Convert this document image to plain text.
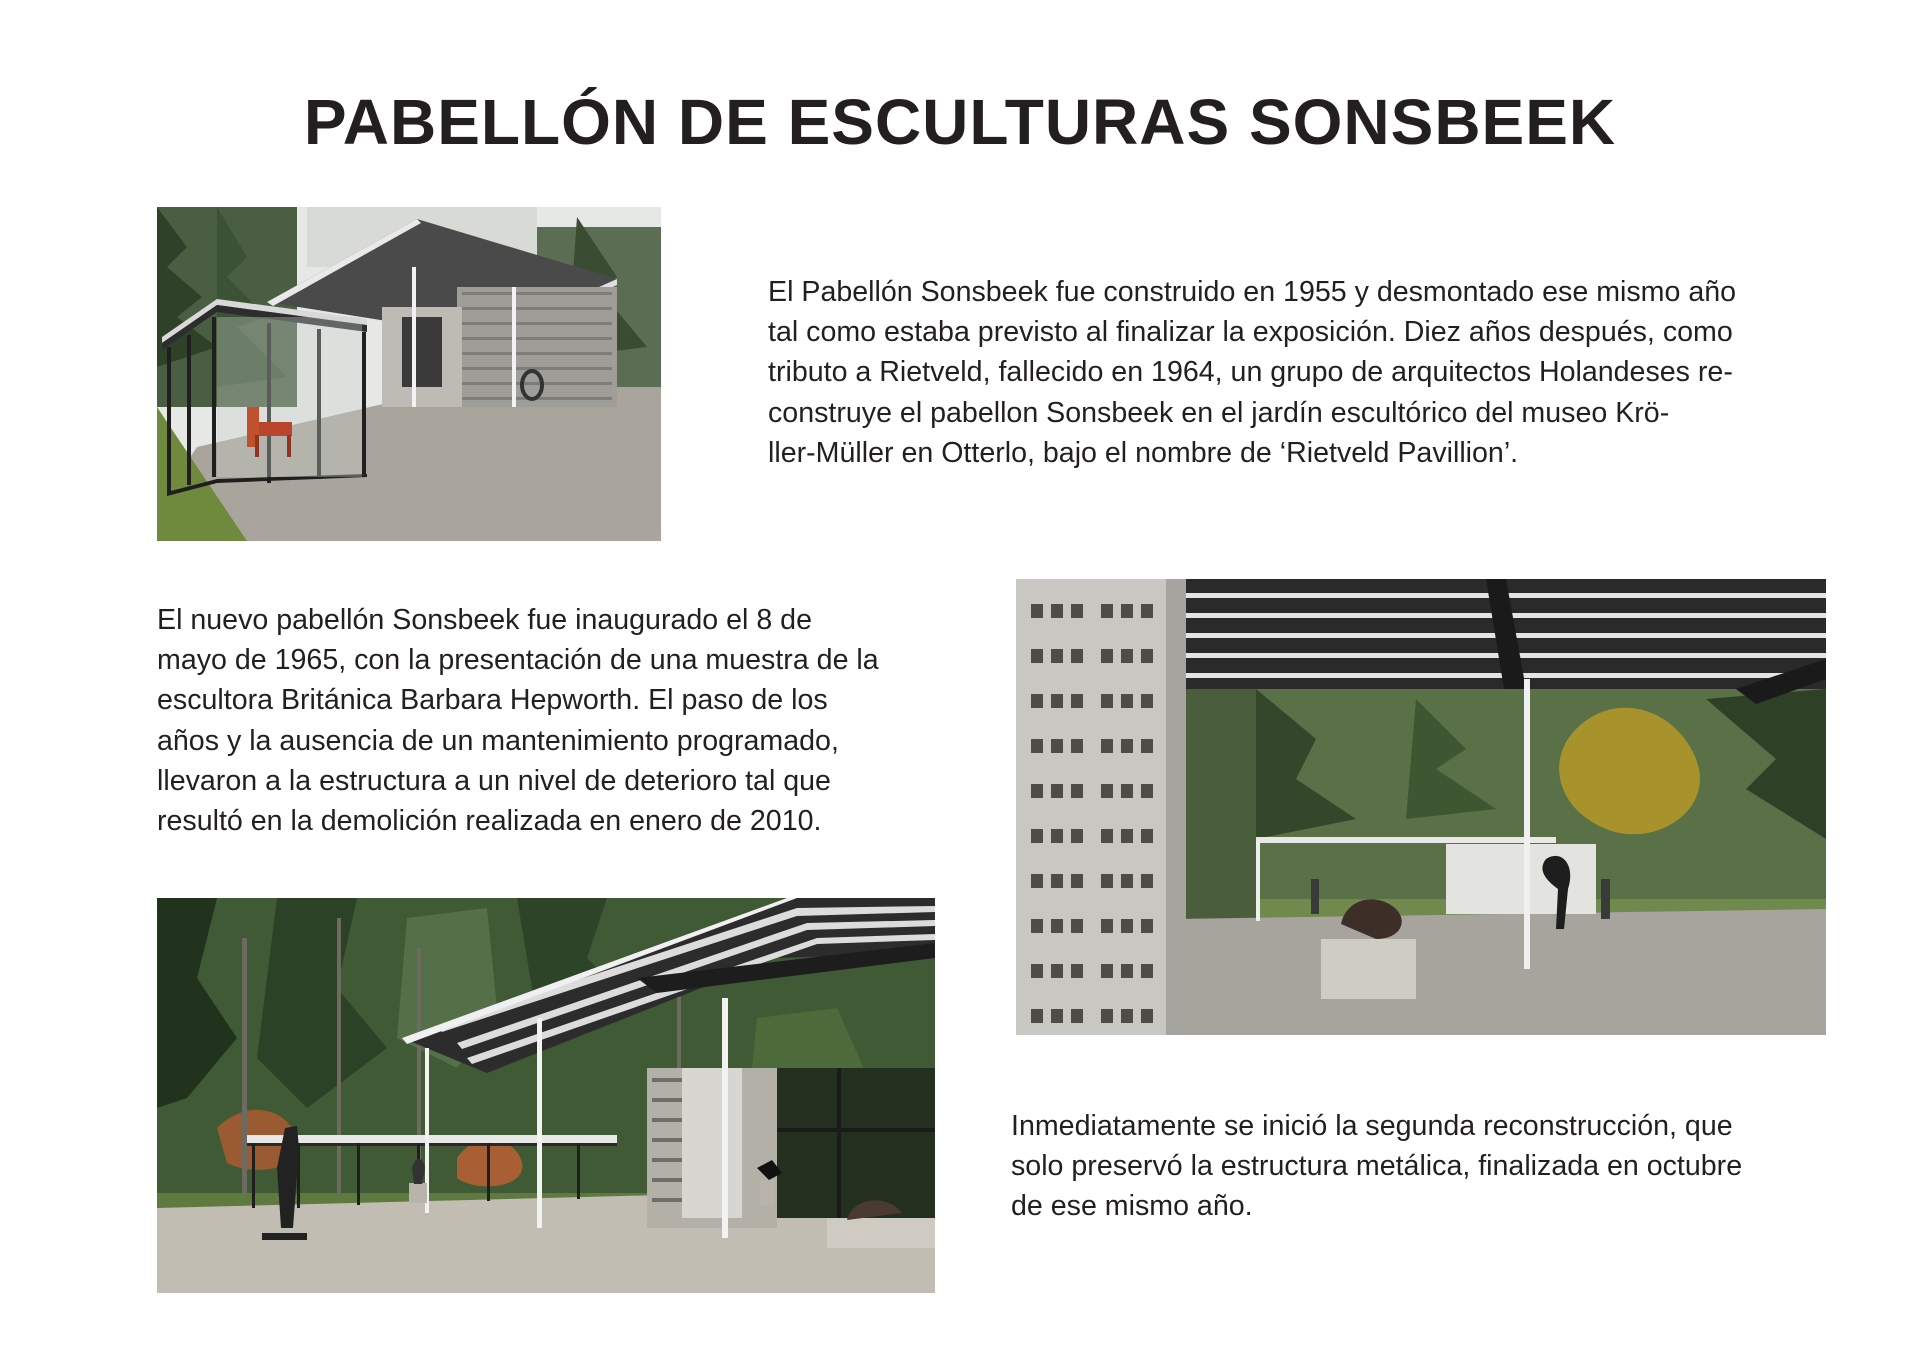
PABELLÓN DE ESCULTURAS SONSBEEK

El Pabellón Sonsbeek fue construido en 1955 y desmontado ese mismo año
tal como estaba previsto al finalizar la exposición. Diez años después, como
tributo a Rietveld, fallecido en 1964, un grupo de arquitectos Holandeses re-
construye el pabellon Sonsbeek en el jardín escultórico del museo Krö-
ller-Müller en Otterlo, bajo el nombre de ‘Rietveld Pavillion’.

El nuevo pabellón Sonsbeek fue inaugurado el 8 de
mayo de 1965, con la presentación de una muestra de la
escultora Británica Barbara Hepworth. El paso de los
años y la ausencia de un mantenimiento programado,
llevaron a la estructura a un nivel de deterioro tal que
resultó en la demolición realizada en enero de 2010.

Inmediatamente se inició la segunda reconstrucción, que
solo preservó la estructura metálica, finalizada en octubre
de ese mismo año.
